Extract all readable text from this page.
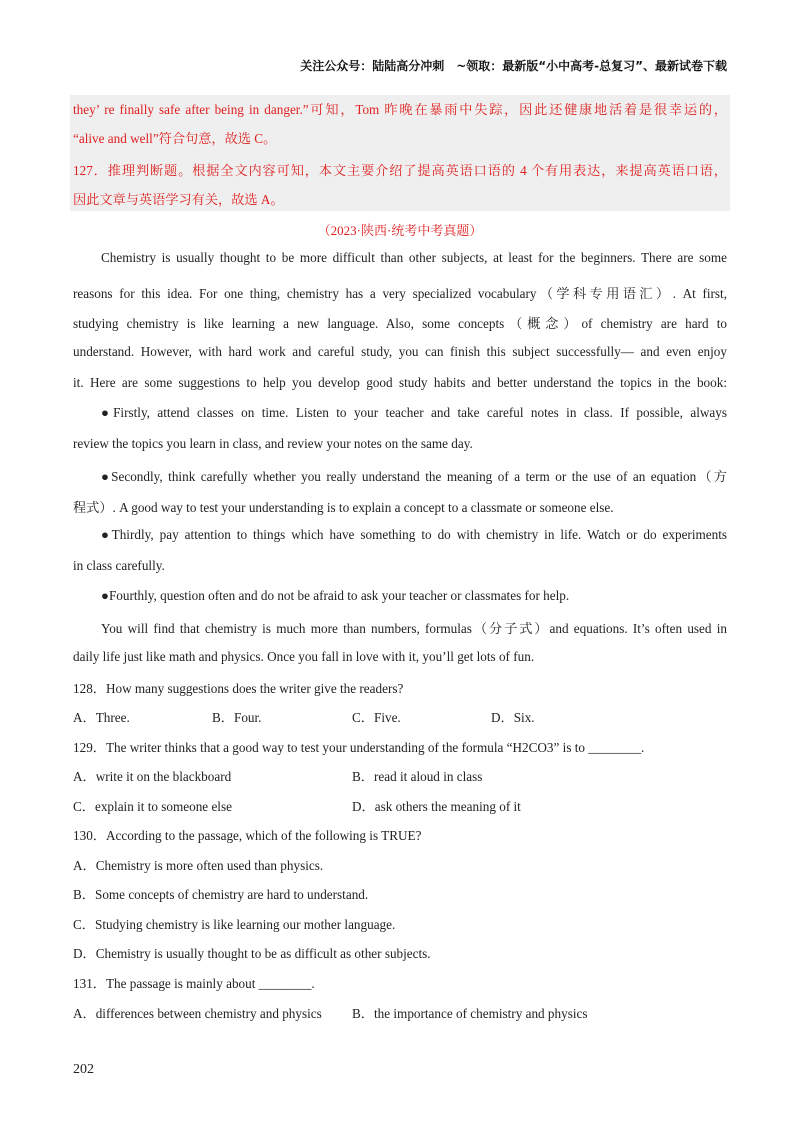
关注公众号：陆陆高分冲刺　~领取：最新版“小中高考-总复习”、最新试卷下载
they’ re finally safe after being in danger.”可知，Tom 昨晚在暴雨中失踪，因此还健康地活着是很幸运的，
“alive and well”符合句意，故选 C。
127．推理判断题。根据全文内容可知，本文主要介绍了提高英语口语的 4 个有用表达，来提高英语口语，
因此文章与英语学习有关，故选 A。
（2023·陕西·统考中考真题）
Chemistry is usually thought to be more difficult than other subjects, at least for the beginners. There are some
reasons for this idea. For one thing, chemistry has a very specialized vocabulary（学科专用语汇）. At first,
studying chemistry is like learning a new language. Also, some concepts（概念）of chemistry are hard to
understand. However, with hard work and careful study, you can finish this subject successfully— and even enjoy
it. Here are some suggestions to help you develop good study habits and better understand the topics in the book:
●Firstly, attend classes on time. Listen to your teacher and take careful notes in class. If possible, always
review the topics you learn in class, and review your notes on the same day.
●Secondly, think carefully whether you really understand the meaning of a term or the use of an equation（方
程式）. A good way to test your understanding is to explain a concept to a classmate or someone else.
●Thirdly, pay attention to things which have something to do with chemistry in life. Watch or do experiments
in class carefully.
●Fourthly, question often and do not be afraid to ask your teacher or classmates for help.
You will find that chemistry is much more than numbers, formulas（分子式）and equations. It’s often used in
daily life just like math and physics. Once you fall in love with it, you’ll get lots of fun.
128．How many suggestions does the writer give the readers?
A．Three.	B．Four.	C．Five.	D．Six.
129．The writer thinks that a good way to test your understanding of the formula “H2CO3” is to ________.
A．write it on the blackboard	B．read it aloud in class
C．explain it to someone else	D．ask others the meaning of it
130．According to the passage, which of the following is TRUE?
A．Chemistry is more often used than physics.
B．Some concepts of chemistry are hard to understand.
C．Studying chemistry is like learning our mother language.
D．Chemistry is usually thought to be as difficult as other subjects.
131．The passage is mainly about ________.
A．differences between chemistry and physics B．the importance of chemistry and physics
202
